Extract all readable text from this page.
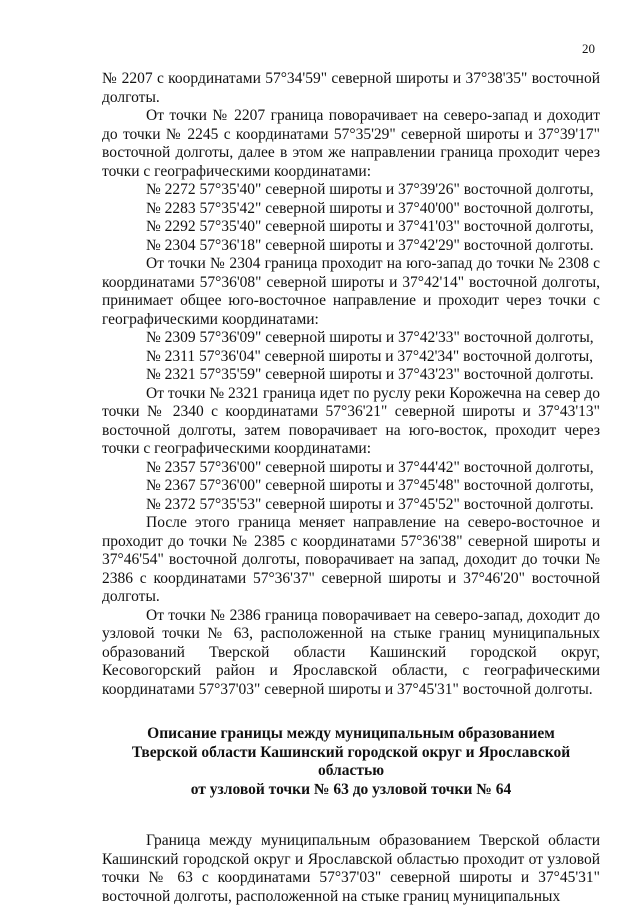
20

№ 2207 с координатами 57°34'59" северной широты и 37°38'35" восточной долготы.

От точки № 2207 граница поворачивает на северо-запад и доходит до точки № 2245 с координатами 57°35'29" северной широты и 37°39'17" восточной долготы, далее в этом же направлении граница проходит через точки с географическими координатами:

№ 2272 57°35'40" северной широты и 37°39'26" восточной долготы,

№ 2283 57°35'42" северной широты и 37°40'00" восточной долготы,

№ 2292 57°35'40" северной широты и 37°41'03" восточной долготы,

№ 2304 57°36'18" северной широты и 37°42'29" восточной долготы.

От точки № 2304 граница проходит на юго-запад до точки № 2308 с координатами 57°36'08" северной широты и 37°42'14" восточной долготы, принимает общее юго-восточное направление и проходит через точки с географическими координатами:

№ 2309 57°36'09" северной широты и 37°42'33" восточной долготы,

№ 2311 57°36'04" северной широты и 37°42'34" восточной долготы,

№ 2321 57°35'59" северной широты и 37°43'23" восточной долготы.

От точки № 2321 граница идет по руслу реки Корожечна на север до точки № 2340 с координатами 57°36'21" северной широты и 37°43'13" восточной долготы, затем поворачивает на юго-восток, проходит через точки с географическими координатами:

№ 2357 57°36'00" северной широты и 37°44'42" восточной долготы,

№ 2367 57°36'00" северной широты и 37°45'48" восточной долготы,

№ 2372 57°35'53" северной широты и 37°45'52" восточной долготы.

После этого граница меняет направление на северо-восточное и проходит до точки № 2385 с координатами 57°36'38" северной широты и 37°46'54" восточной долготы, поворачивает на запад, доходит до точки № 2386 с координатами 57°36'37" северной широты и 37°46'20" восточной долготы.

От точки № 2386 граница поворачивает на северо-запад, доходит до узловой точки № 63, расположенной на стыке границ муниципальных образований Тверской области Кашинский городской округ, Кесовогорский район и Ярославской области, с географическими координатами 57°37'03" северной широты и 37°45'31" восточной долготы.

Описание границы между муниципальным образованием
Тверской области Кашинский городской округ и Ярославской областью
от узловой точки № 63 до узловой точки № 64

Граница между муниципальным образованием Тверской области Кашинский городской округ и Ярославской областью проходит от узловой точки № 63 с координатами 57°37'03" северной широты и 37°45'31" восточной долготы, расположенной на стыке границ муниципальных
